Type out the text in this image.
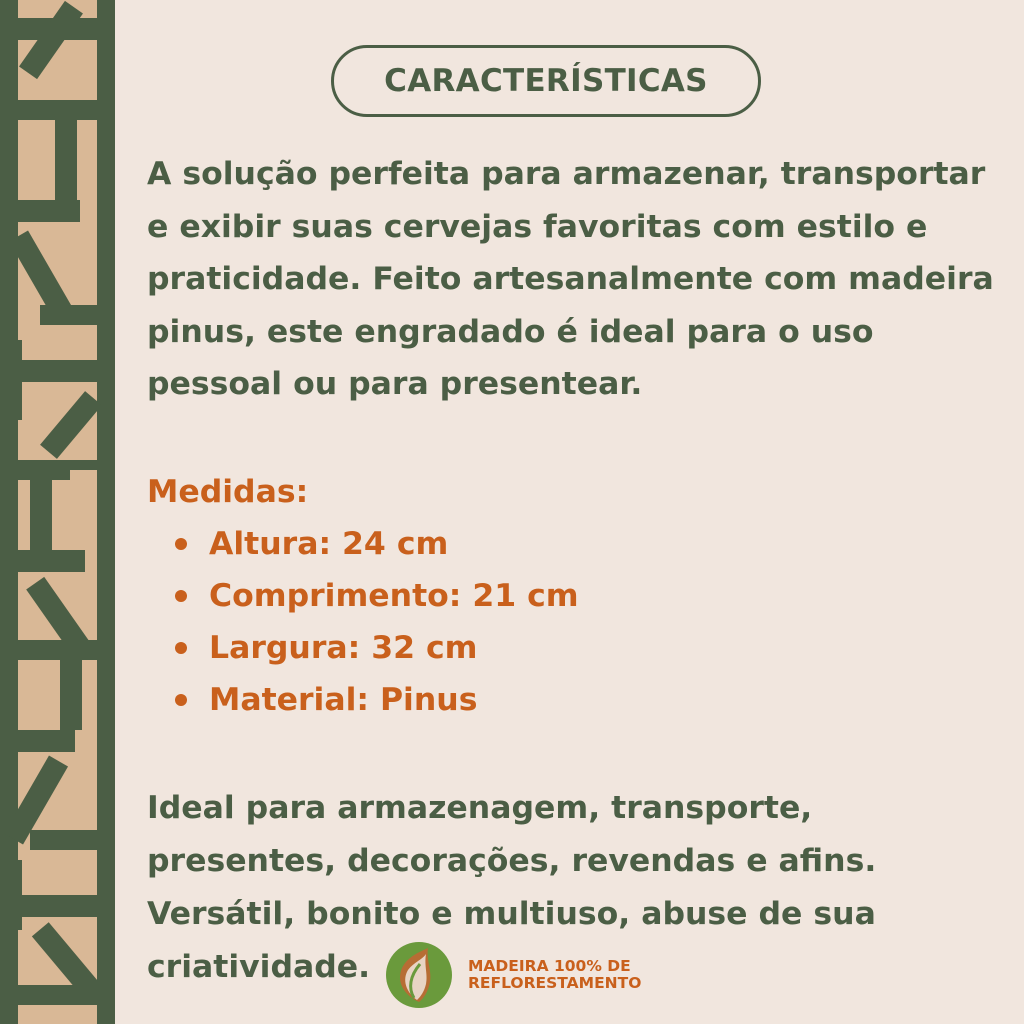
CARACTERÍSTICAS

A solução perfeita para armazenar, transportar e exibir suas cervejas favoritas com estilo e praticidade. Feito artesanalmente com madeira pinus, este engradado é ideal para o uso pessoal ou para presentear.

Medidas:

Altura: 24 cm
Comprimento: 21 cm
Largura: 32 cm
Material: Pinus

Ideal para armazenagem, transporte, presentes, decorações, revendas e afins. Versátil, bonito e multiuso, abuse de sua criatividade.	MADEIRA 100% DE
REFLORESTAMENTO
